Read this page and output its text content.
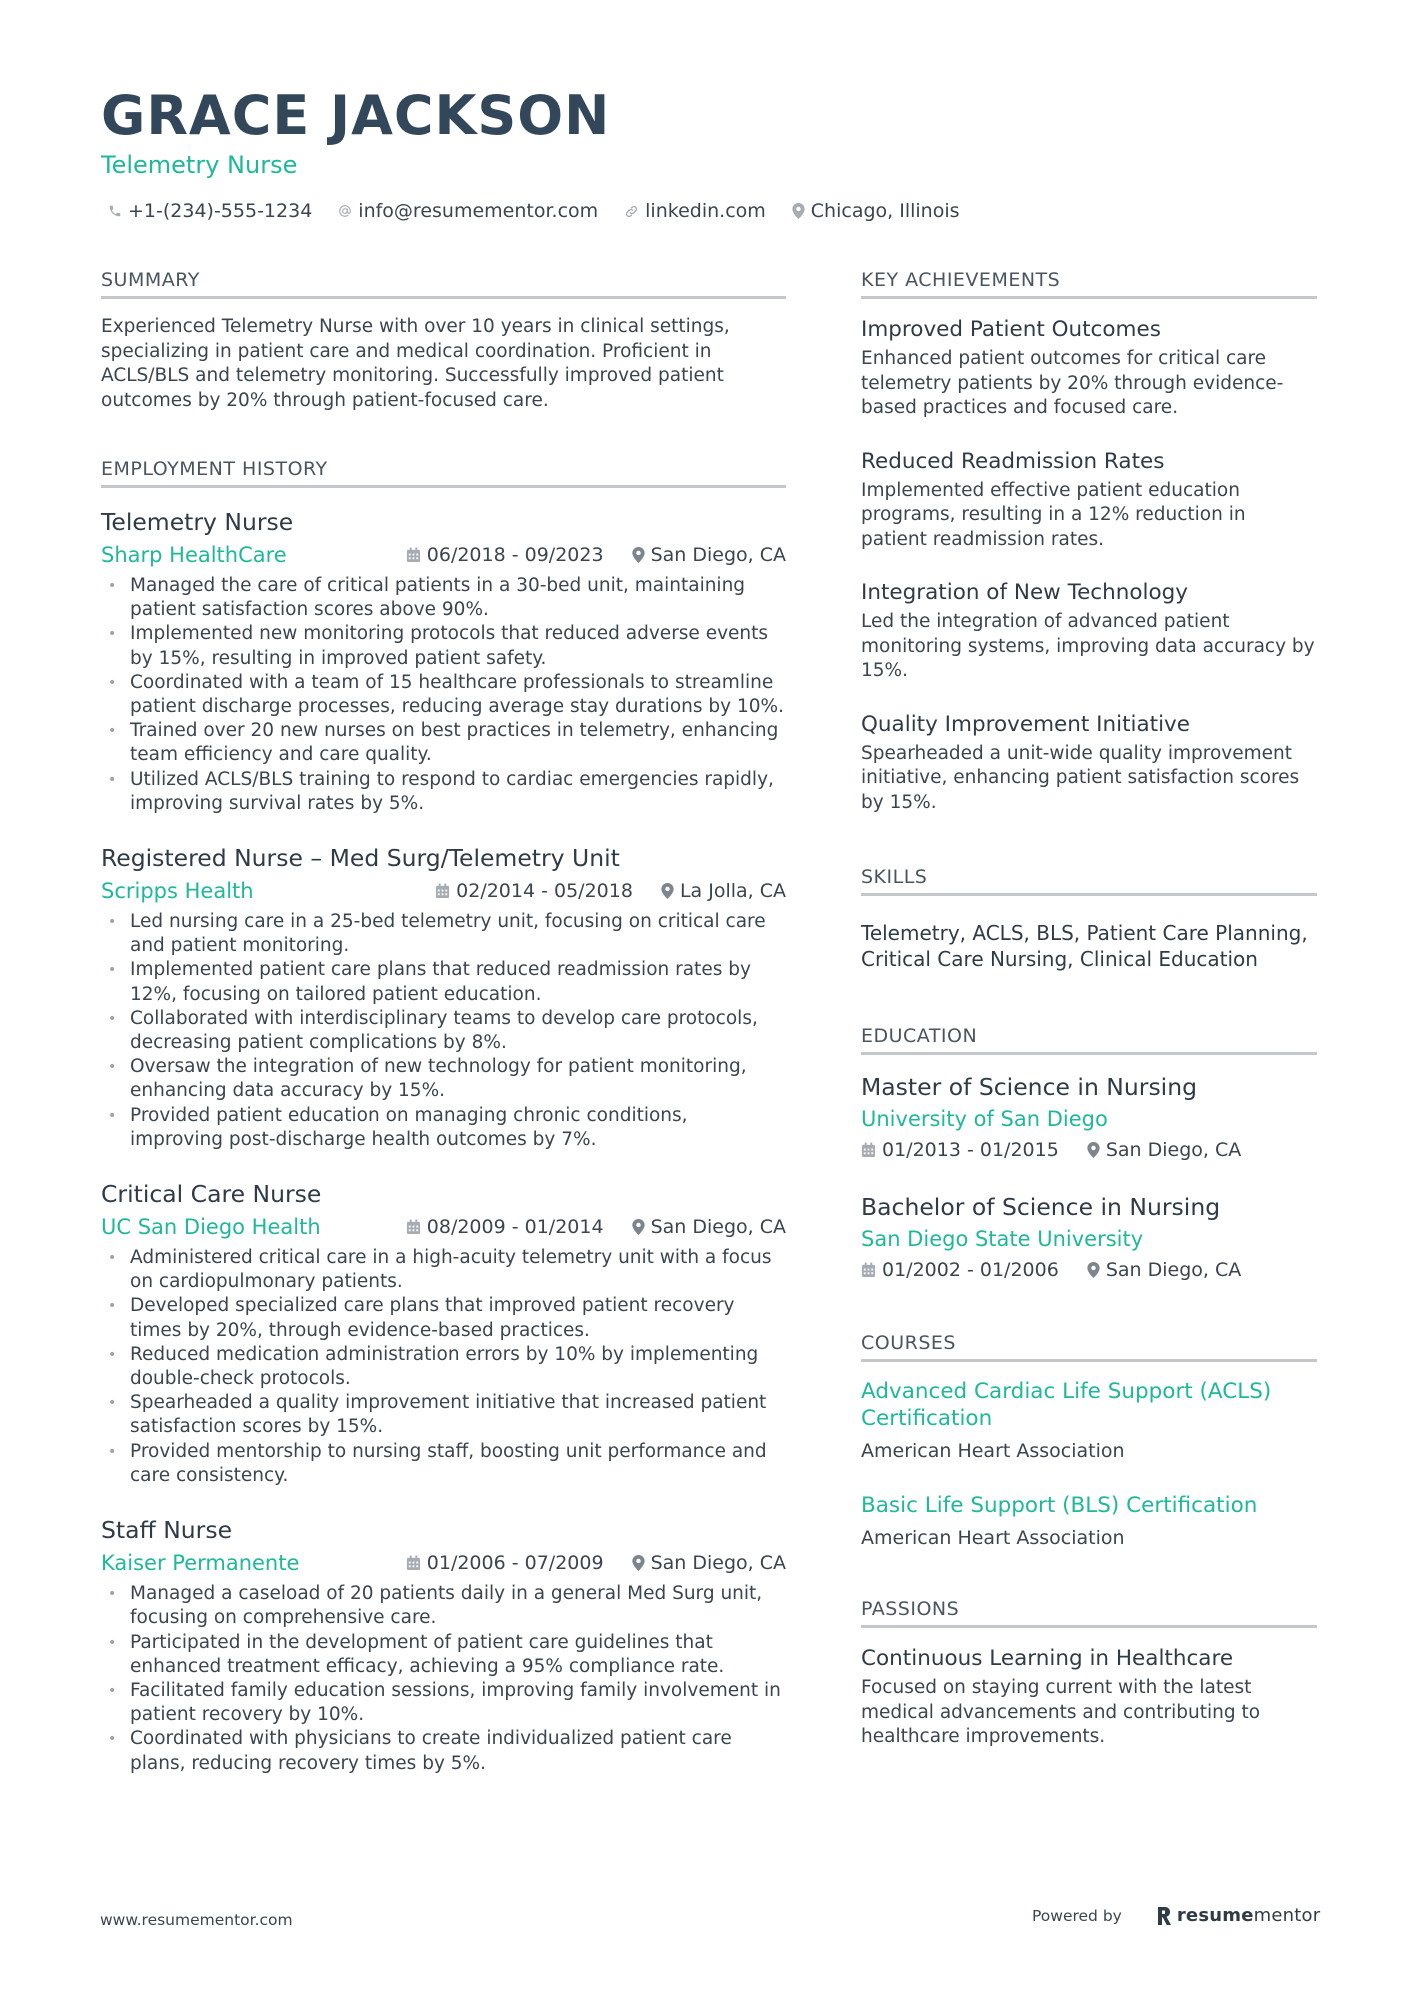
GRACE JACKSON
Telemetry Nurse
+1-(234)-555-1234 info@resumementor.com linkedin.com Chicago, Illinois
SUMMARY
Experienced Telemetry Nurse with over 10 years in clinical settings, specializing in patient care and medical coordination. Proficient in ACLS/BLS and telemetry monitoring. Successfully improved patient outcomes by 20% through patient-focused care.
EMPLOYMENT HISTORY
Telemetry Nurse
Sharp HealthCare	06/2018 - 09/2023 San Diego, CA
• Managed the care of critical patients in a 30-bed unit, maintaining patient satisfaction scores above 90%.
• Implemented new monitoring protocols that reduced adverse events by 15%, resulting in improved patient safety.
• Coordinated with a team of 15 healthcare professionals to streamline patient discharge processes, reducing average stay durations by 10%.
• Trained over 20 new nurses on best practices in telemetry, enhancing team efficiency and care quality.
• Utilized ACLS/BLS training to respond to cardiac emergencies rapidly, improving survival rates by 5%.
Registered Nurse – Med Surg/Telemetry Unit
Scripps Health	02/2014 - 05/2018 La Jolla, CA
• Led nursing care in a 25-bed telemetry unit, focusing on critical care and patient monitoring.
• Implemented patient care plans that reduced readmission rates by 12%, focusing on tailored patient education.
• Collaborated with interdisciplinary teams to develop care protocols, decreasing patient complications by 8%.
• Oversaw the integration of new technology for patient monitoring, enhancing data accuracy by 15%.
• Provided patient education on managing chronic conditions, improving post-discharge health outcomes by 7%.
Critical Care Nurse
UC San Diego Health	08/2009 - 01/2014 San Diego, CA
• Administered critical care in a high-acuity telemetry unit with a focus on cardiopulmonary patients.
• Developed specialized care plans that improved patient recovery times by 20%, through evidence-based practices.
• Reduced medication administration errors by 10% by implementing double-check protocols.
• Spearheaded a quality improvement initiative that increased patient satisfaction scores by 15%.
• Provided mentorship to nursing staff, boosting unit performance and care consistency.
Staff Nurse
Kaiser Permanente	01/2006 - 07/2009 San Diego, CA
• Managed a caseload of 20 patients daily in a general Med Surg unit, focusing on comprehensive care.
• Participated in the development of patient care guidelines that enhanced treatment efficacy, achieving a 95% compliance rate.
• Facilitated family education sessions, improving family involvement in patient recovery by 10%.
• Coordinated with physicians to create individualized patient care plans, reducing recovery times by 5%.
KEY ACHIEVEMENTS
Improved Patient Outcomes
Enhanced patient outcomes for critical care telemetry patients by 20% through evidence-based practices and focused care.
Reduced Readmission Rates
Implemented effective patient education programs, resulting in a 12% reduction in patient readmission rates.
Integration of New Technology
Led the integration of advanced patient monitoring systems, improving data accuracy by 15%.
Quality Improvement Initiative
Spearheaded a unit-wide quality improvement initiative, enhancing patient satisfaction scores by 15%.
SKILLS
Telemetry, ACLS, BLS, Patient Care Planning, Critical Care Nursing, Clinical Education
EDUCATION
Master of Science in Nursing
University of San Diego
01/2013 - 01/2015 San Diego, CA
Bachelor of Science in Nursing
San Diego State University
01/2002 - 01/2006 San Diego, CA
COURSES
Advanced Cardiac Life Support (ACLS) Certification
American Heart Association
Basic Life Support (BLS) Certification
American Heart Association
PASSIONS
Continuous Learning in Healthcare
Focused on staying current with the latest medical advancements and contributing to healthcare improvements.
www.resumementor.com	Powered by	resume mentor
